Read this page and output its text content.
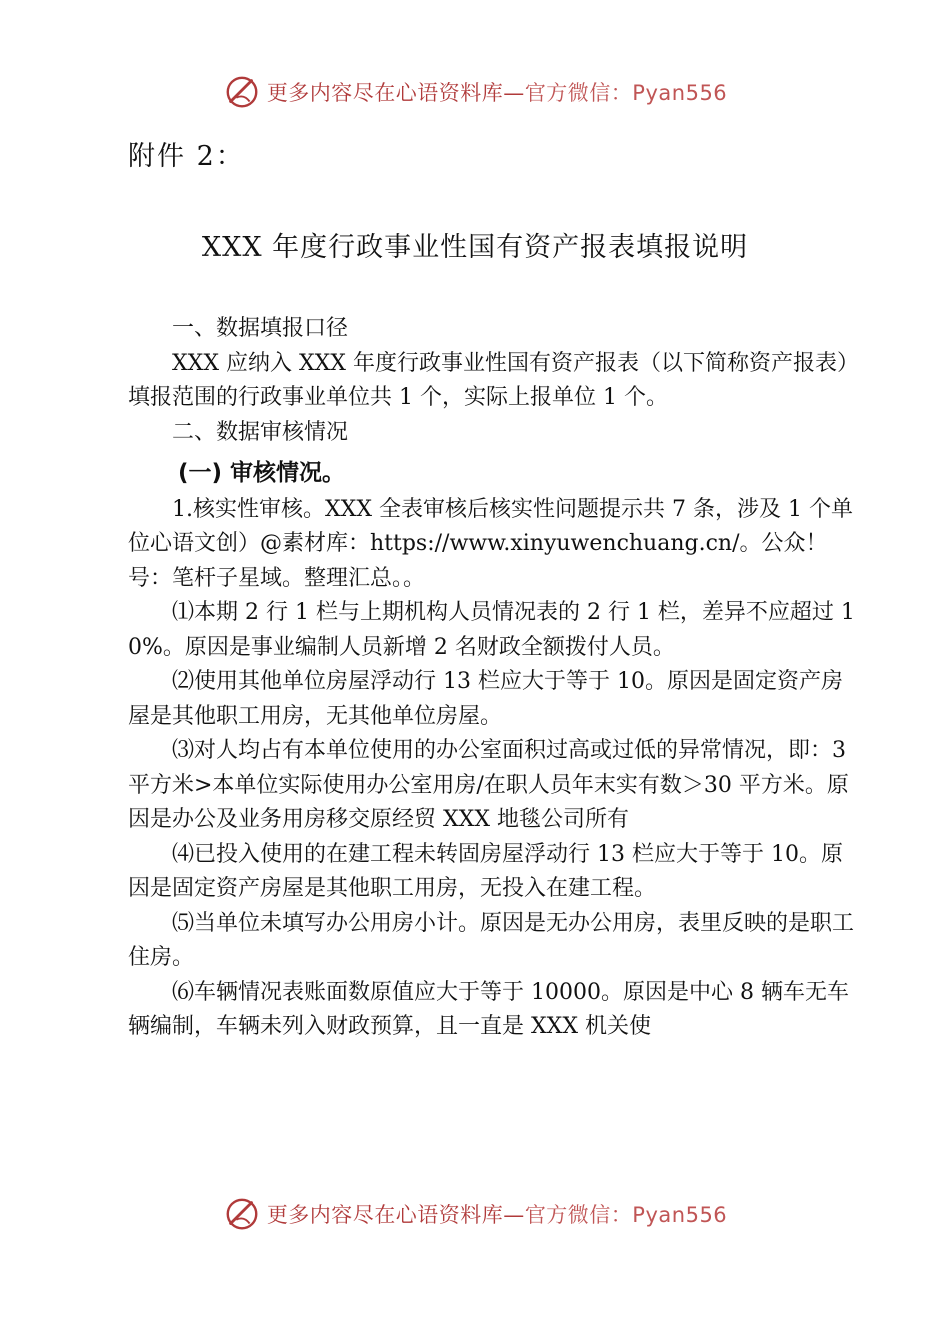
更多内容尽在心语资料库— 官方微信：Pyan556
附件 2：
XXX 年度行政事业性国有资产报表填报说明

一、数据填报口径

XXX 应纳入 XXX 年度行政事业性国有资产报表（以下简称资产报表）填报范围的行政事业单位共 1 个，实际上报单位 1 个。

二、数据审核情况

(一) 审核情况。

1.核实性审核。XXX 全表审核后核实性问题提示共 7 条，涉及 1 个单位心语文创）@素材库：https://www.xinyuwenchuang.cn/。公众！号：笔杆子星域。整理汇总。。

⑴本期 2 行 1 栏与上期机构人员情况表的 2 行 1 栏，差异不应超过 10%。原因是事业编制人员新增 2 名财政全额拨付人员。

⑵使用其他单位房屋浮动行 13 栏应大于等于 10。原因是固定资产房屋是其他职工用房，无其他单位房屋。

⑶对人均占有本单位使用的办公室面积过高或过低的异常情况，即：3 平方米>本单位实际使用办公室用房/在职人员年末实有数＞30 平方米。原因是办公及业务用房移交原经贸 XXX 地毯公司所有

⑷已投入使用的在建工程未转固房屋浮动行 13 栏应大于等于 10。原因是固定资产房屋是其他职工用房，无投入在建工程。

⑸当单位未填写办公用房小计。原因是无办公用房，表里反映的是职工住房。

⑹车辆情况表账面数原值应大于等于 10000。原因是中心 8 辆车无车辆编制，车辆未列入财政预算，且一直是 XXX 机关使

更多内容尽在心语资料库— 官方微信：Pyan556
